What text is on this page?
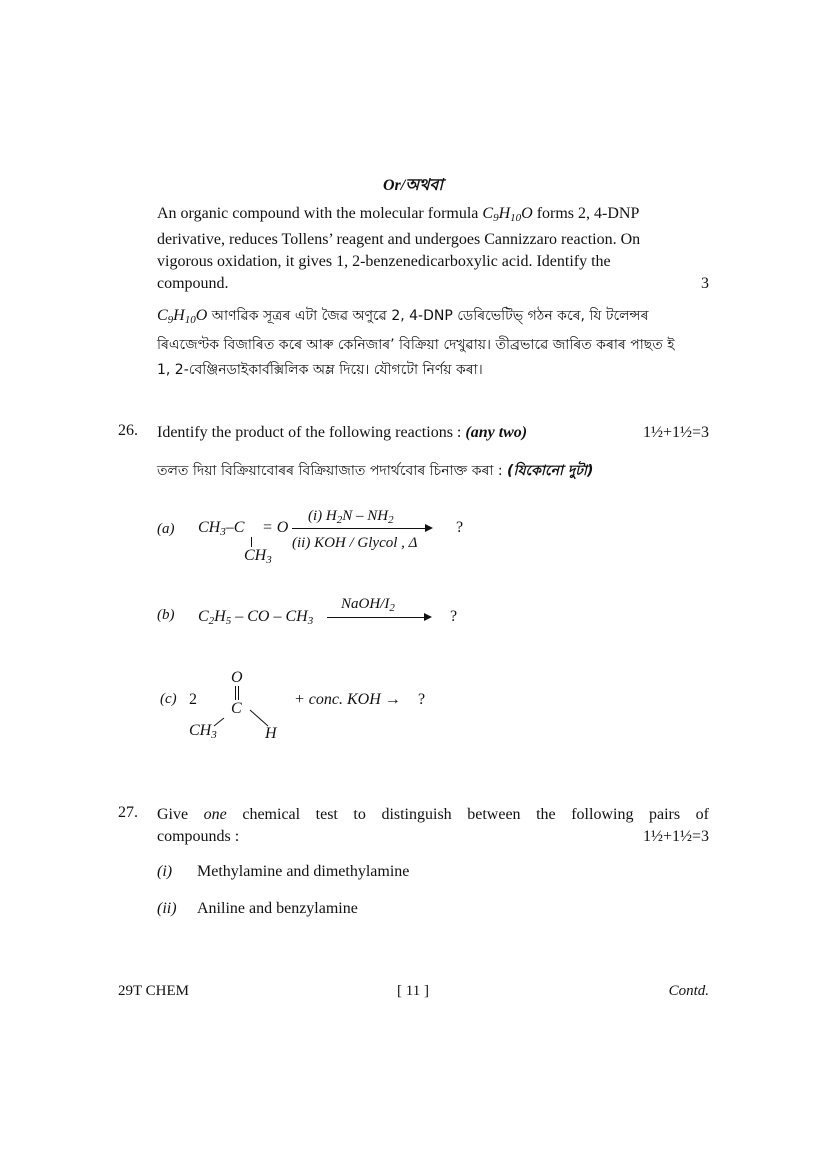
Or/অথবা
An organic compound with the molecular formula $C_9H_{10}O$ forms 2, 4-DNP
derivative, reduces Tollens’ reagent and undergoes Cannizzaro reaction. On
vigorous oxidation, it gives 1, 2-benzenedicarboxylic acid. Identify the
compound.	3
$C_9H_{10}O$ আণৱিক সূত্ৰৰ এটা জৈৱ অণুৱে 2, 4-DNP ডেৰিভেটিভ্ গঠন কৰে, যি টলেন্সৰ
ৰিএজেণ্টক বিজাৰিত কৰে আৰু কেনিজাৰ’ বিক্ৰিয়া দেখুৱায়। তীব্ৰভাৱে জাৰিত কৰাৰ পাছত ই
1, 2-বেঞ্জিনডাইকাৰ্বক্সিলিক অম্ল দিয়ে। যৌগটো নিৰ্ণয় কৰা।
26. Identify the product of the following reactions : (any two)	1½+1½=3
তলত দিয়া বিক্ৰিয়াবোৰৰ বিক্ৰিয়াজাত পদাৰ্থবোৰ চিনাক্ত কৰা : (যিকোনো দুটা)
(a) $CH_3-C = O$
$CH_3$
(i) $H_2N - NH_2$
(ii) KOH / Glycol , Δ
?
(b) $C_2H_5$ – CO – $CH_3$
NaOH/$I_2$	?
(c) 2
O
C
$CH_3$	H
+ conc. KOH → ?
27. Give one chemical test to distinguish between the following pairs of
compounds :	1½+1½=3
(i) Methylamine and dimethylamine
(ii) Aniline and benzylamine
29T CHEM	[ 11 ]	Contd.
